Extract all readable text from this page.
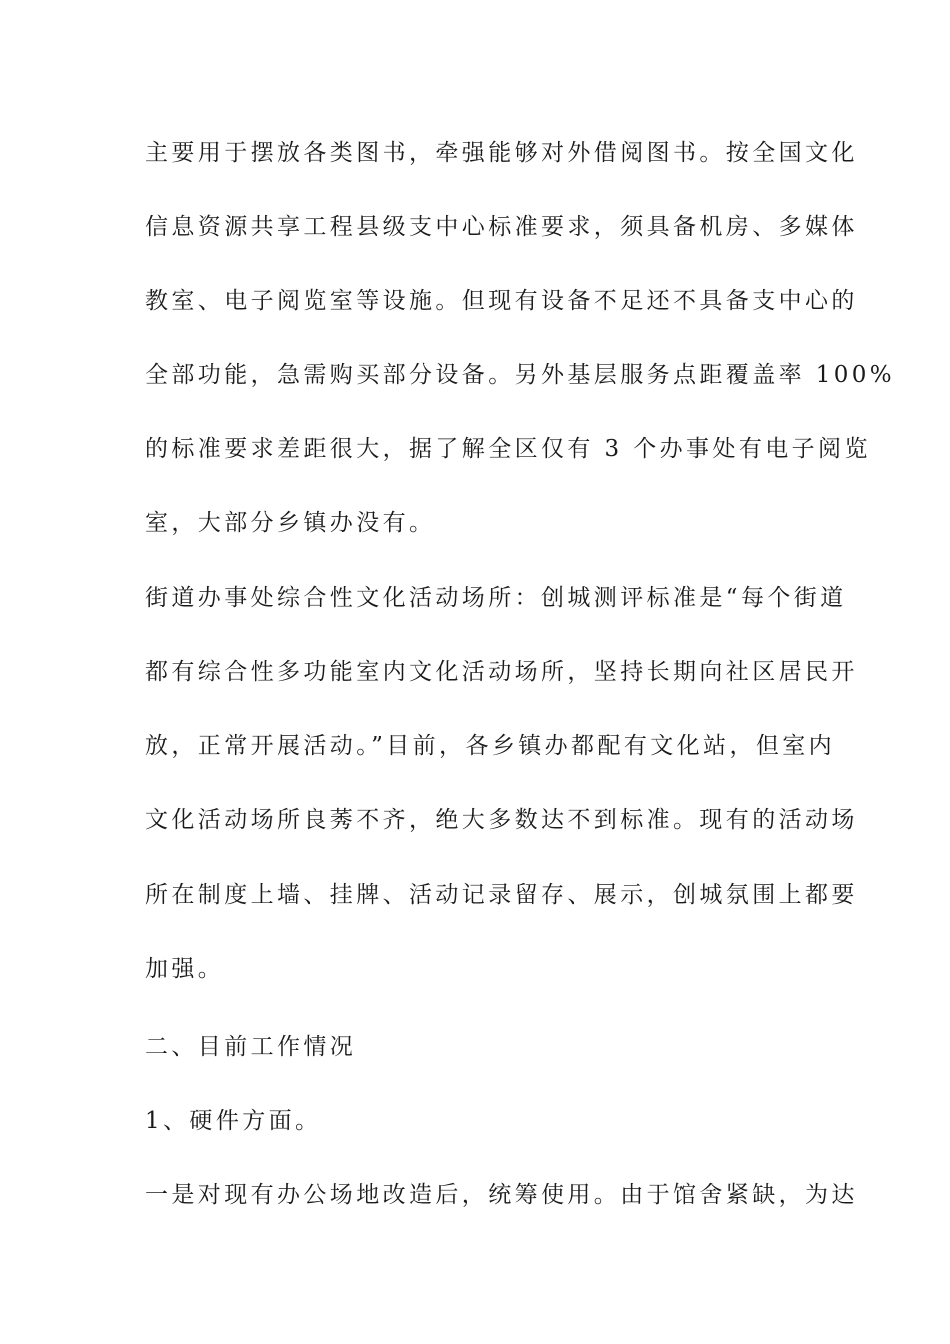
主要用于摆放各类图书，牵强能够对外借阅图书。按全国文化

信息资源共享工程县级支中心标准要求，须具备机房、多媒体

教室、电子阅览室等设施。但现有设备不足还不具备支中心的

全部功能，急需购买部分设备。另外基层服务点距覆盖率 100%

的标准要求差距很大，据了解全区仅有 3 个办事处有电子阅览

室，大部分乡镇办没有。

街道办事处综合性文化活动场所：创城测评标准是“每个街道

都有综合性多功能室内文化活动场所，坚持长期向社区居民开

放，正常开展活动。”目前，各乡镇办都配有文化站，但室内

文化活动场所良莠不齐，绝大多数达不到标准。现有的活动场

所在制度上墙、挂牌、活动记录留存、展示，创城氛围上都要

加强。

二、目前工作情况

1、硬件方面。

一是对现有办公场地改造后，统筹使用。由于馆舍紧缺，为达
